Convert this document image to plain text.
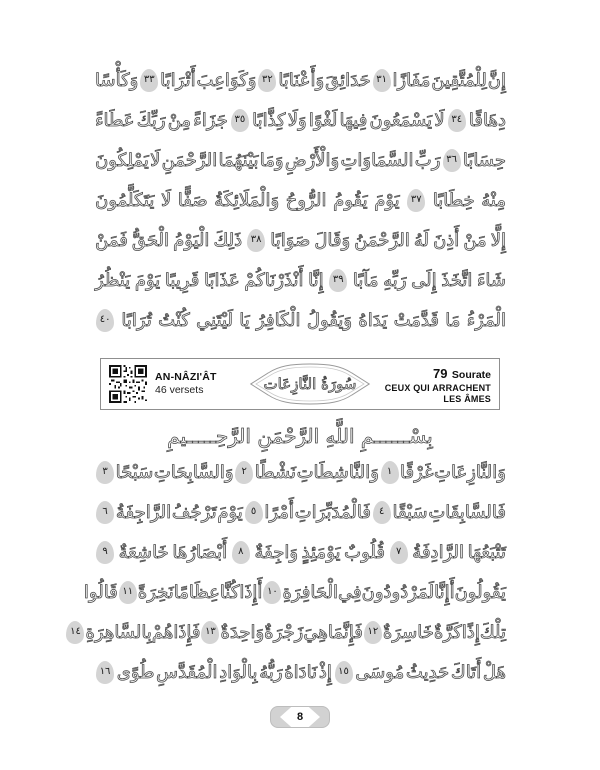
إِنَّ
لِلْمُتَّقِينَ
مَفَازًا
٣١
حَدَائِقَ
وَأَعْنَابًا
٣٢
وَكَوَاعِبَ
أَتْرَابًا
٣٣
وَكَأْسًا
دِهَاقًا
٣٤
لَا
يَسْمَعُونَ
فِيهَا
لَغْوًا
وَلَا
كِذَّابًا
٣٥
جَزَاءً
مِنْ
رَبِّكَ
عَطَاءً
حِسَابًا
٣٦
رَبِّ
السَّمَاوَاتِ
وَالْأَرْضِ
وَمَا
بَيْنَهُمَا
الرَّحْمَنِ
لَا
يَمْلِكُونَ
مِنْهُ
خِطَابًا
٣٧
يَوْمَ
يَقُومُ
الرُّوحُ
وَالْمَلَائِكَةُ
صَفًّا
لَا
يَتَكَلَّمُونَ
إِلَّا
مَنْ
أَذِنَ
لَهُ
الرَّحْمَنُ
وَقَالَ
صَوَابًا
٣٨
ذَلِكَ
الْيَوْمُ
الْحَقُّ
فَمَنْ
شَاءَ
اتَّخَذَ
إِلَى
رَبِّهِ
مَآبًا
٣٩
إِنَّا
أَنْذَرْنَاكُمْ
عَذَابًا
قَرِيبًا
يَوْمَ
يَنْظُرُ
الْمَرْءُ
مَا
قَدَّمَتْ
يَدَاهُ
وَيَقُولُ
الْكَافِرُ
يَا
لَيْتَنِي
كُنْتُ
تُرَابًا
٤٠
AN-NÂZI'ÂT
46 versets	سُورَةُ النَّازِعَات
79 Sourate
CEUX QUI ARRACHENT
LES ÂMES
بِسْــــــمِ اللَّهِ الرَّحْمَنِ الرَّحِـــــيمِ
وَالنَّازِعَاتِ
غَرْقًا
١
وَالنَّاشِطَاتِ
نَشْطًا
٢
وَالسَّابِحَاتِ
سَبْحًا
٣
فَالسَّابِقَاتِ
سَبْقًا
٤
فَالْمُدَبِّرَاتِ
أَمْرًا
٥
يَوْمَ
تَرْجُفُ
الرَّاجِفَةُ
٦
تَتْبَعُهَا
الرَّادِفَةُ
٧
قُلُوبٌ
يَوْمَئِذٍ
وَاجِفَةٌ
٨
أَبْصَارُهَا
خَاشِعَةٌ
٩
يَقُولُونَ
أَإِنَّا
لَمَرْدُودُونَ
فِي
الْحَافِرَةِ
١٠
أَإِذَا
كُنَّا
عِظَامًا
نَخِرَةً
١١
قَالُوا
تِلْكَ
إِذًا
كَرَّةٌ
خَاسِرَةٌ
١٢
فَإِنَّمَا
هِيَ
زَجْرَةٌ
وَاحِدَةٌ
١٣
فَإِذَا
هُمْ
بِالسَّاهِرَةِ
١٤
هَلْ
أَتَاكَ
حَدِيثُ
مُوسَى
١٥
إِذْ
نَادَاهُ
رَبُّهُ
بِالْوَادِ
الْمُقَدَّسِ
طُوًى
١٦
8
